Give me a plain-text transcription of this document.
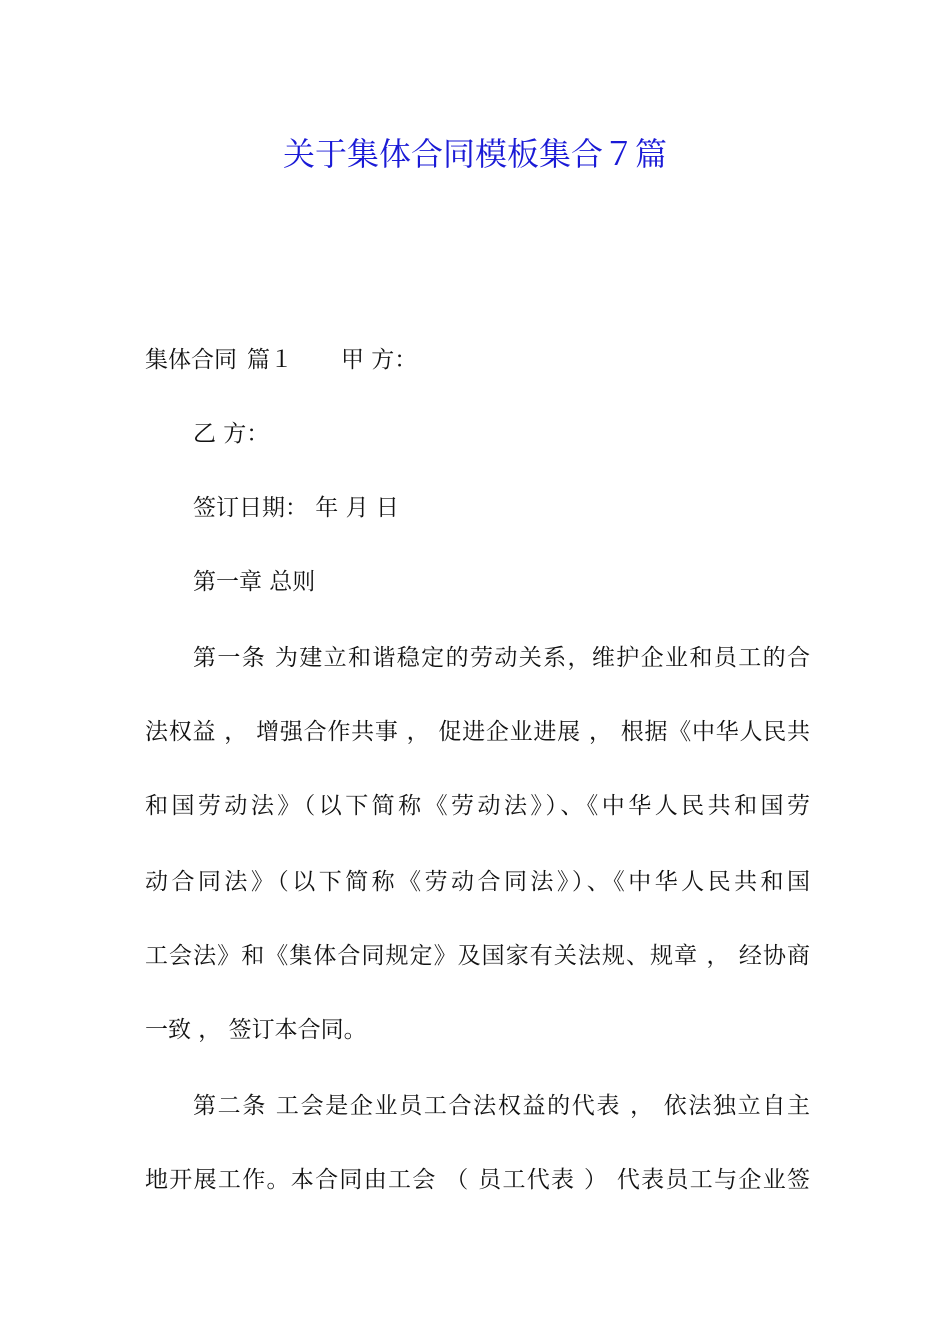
关于集体合同模板集合７篇

集体合同 篇１ 甲 方：

乙 方：

签订日期： 年 月 日

第一章 总则

第一条 为建立和谐稳定的劳动关系，维护企业和员工的合

法权益 ， 增强合作共事 ， 促进企业进展 ， 根据《中华人民共

和国劳动法》（以下简称《劳动法》）、《中华人民共和国劳

动合同法》（以下简称《劳动合同法》）、《中华人民共和国

工会法》和《集体合同规定》及国家有关法规、规章 ， 经协商

一致 ， 签订本合同。

第二条 工会是企业员工合法权益的代表 ， 依法独立自主

地开展工作。本合同由工会 （ 员工代表 ） 代表员工与企业签
